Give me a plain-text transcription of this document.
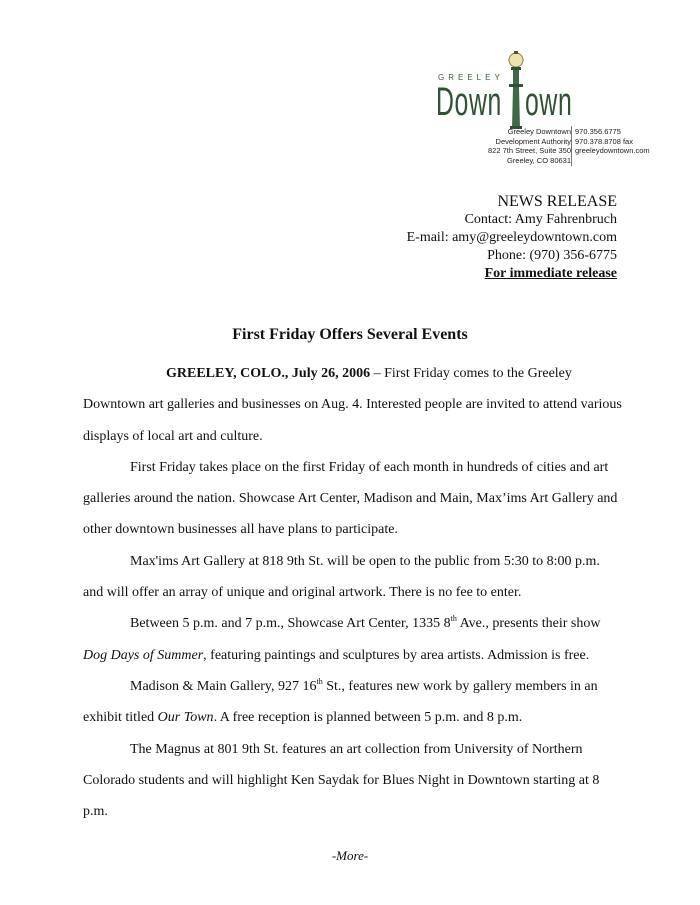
GREELEY
Down own
Greeley Downtown
Development Authority
822 7th Street, Suite 350
Greeley, CO 80631
970.356.6775
970.378.8708 fax
greeleydowntown.com
NEWS RELEASE
Contact: Amy Fahrenbruch
E-mail: amy@greeleydowntown.com
Phone: (970) 356-6775
For immediate release
First Friday Offers Several Events

GREELEY, COLO., July 26, 2006 – First Friday comes to the Greeley Downtown art galleries and businesses on Aug. 4. Interested people are invited to attend various displays of local art and culture.

First Friday takes place on the first Friday of each month in hundreds of cities and art galleries around the nation. Showcase Art Center, Madison and Main, Max’ims Art Gallery and other downtown businesses all have plans to participate.

Max'ims Art Gallery at 818 9th St. will be open to the public from 5:30 to 8:00 p.m. and will offer an array of unique and original artwork. There is no fee to enter.

Between 5 p.m. and 7 p.m., Showcase Art Center, 1335 8th Ave., presents their show Dog Days of Summer, featuring paintings and sculptures by area artists. Admission is free.

Madison & Main Gallery, 927 16th St., features new work by gallery members in an exhibit titled Our Town. A free reception is planned between 5 p.m. and 8 p.m.

The Magnus at 801 9th St. features an art collection from University of Northern Colorado students and will highlight Ken Saydak for Blues Night in Downtown starting at 8 p.m.

-More-
